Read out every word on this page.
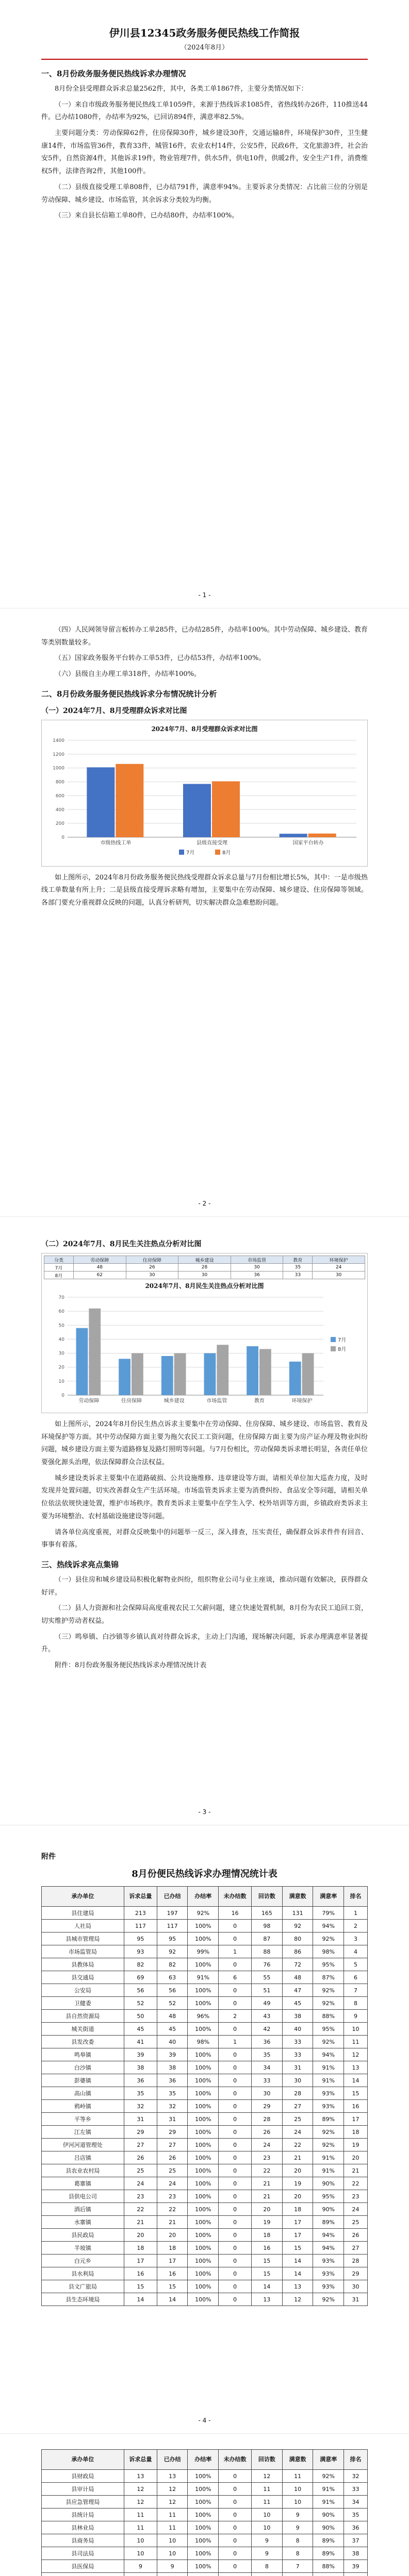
伊川县12345政务服务便民热线工作简报
（2024年8月）
一、8月份政务服务便民热线诉求办理情况

8月份全县受理群众诉求总量2562件，其中，各类工单1867件，主要分类情况如下：

（一）来自市级政务服务便民热线工单1059件，来源于热线诉求1085件，省热线转办26件，110推送44件。已办结1080件，办结率为92%，已回访894件，满意率82.5%。

主要问题分类：劳动保障62件，住房保障30件，城乡建设30件，交通运输8件，环境保护30件，卫生健康14件，市场监管36件，教育33件，城管16件，农业农村14件，公安5件，民政6件，文化旅游3件，社会治安5件，自然资源4件，其他诉求19件，物业管理7件，供水5件，供电10件，供暖2件，安全生产1件，消费维权5件，法律咨询2件，其他100件。

（二）县级直接受理工单808件，已办结791件，满意率94%。主要诉求分类情况：占比前三位的分别是劳动保障、城乡建设、市场监管，其余诉求分类较为均衡。

（三）来自县长信箱工单80件，已办结80件，办结率100%。

- 1 -

（四）人民网领导留言板转办工单285件，已办结285件，办结率100%。其中劳动保障、城乡建设、教育等类别数量较多。

（五）国家政务服务平台转办工单53件，已办结53件，办结率100%。

（六）县级自主办理工单318件，办结率100%。

二、8月份政务服务便民热线诉求分布情况统计分析
（一）2024年7月、8月受理群众诉求对比图
2024年7月、8月受理群众诉求对比图
0
200
400
600
800
1000
1200
1400
市级热线工单	县级直接受理	国家平台转办
7月	8月

如上图所示，2024年8月份政务服务便民热线受理群众诉求总量与7月份相比增长5%，其中：一是市级热线工单数量有所上升；二是县级直接受理诉求略有增加，主要集中在劳动保障、城乡建设、住房保障等领域。各部门要充分重视群众反映的问题，认真分析研判，切实解决群众急难愁盼问题。

- 2 -
（二）2024年7月、8月民生关注热点分析对比图
分类	劳动保障	住房保障	城乡建设	市场监管	教育	环境保护
7月	48	26	28	30	35	24
8月	62	30	30	36	33	30
2024年7月、8月民生关注热点分析对比图
0
10
20
30
40
50
60
70
劳动保障	住房保障	城乡建设	市场监管	教育	环境保护
7月
8月

如上图所示，2024年8月份民生热点诉求主要集中在劳动保障、住房保障、城乡建设、市场监管、教育及环境保护等方面。其中劳动保障方面主要为拖欠农民工工资问题，住房保障方面主要为房产证办理及物业纠纷问题，城乡建设方面主要为道路修复及路灯照明等问题。与7月份相比，劳动保障类诉求增长明显，各责任单位要强化源头治理，依法保障群众合法权益。

城乡建设类诉求主要集中在道路破损、公共设施维修、违章建设等方面，请相关单位加大巡查力度，及时发现并处置问题，切实改善群众生产生活环境。市场监管类诉求主要为消费纠纷、食品安全等问题，请相关单位依法依规快速处置，维护市场秩序。教育类诉求主要集中在学生入学、校外培训等方面，乡镇政府类诉求主要为环境整治、农村基础设施建设等问题。

请各单位高度重视，对群众反映集中的问题举一反三，深入排查，压实责任，确保群众诉求件件有回音、事事有着落。

三、热线诉求亮点集锦

（一）县住房和城乡建设局积极化解物业纠纷，组织物业公司与业主座谈，推动问题有效解决，获得群众好评。

（二）县人力资源和社会保障局高度重视农民工欠薪问题，建立快速处置机制，8月份为农民工追回工资，切实维护劳动者权益。

（三）鸣皋镇、白沙镇等乡镇认真对待群众诉求，主动上门沟通，现场解决问题，诉求办理满意率显著提升。

附件：8月份政务服务便民热线诉求办理情况统计表

- 3 -
附件
8月份便民热线诉求办理情况统计表
承办单位	诉求总量	已办结	办结率	未办结数	回访数	满意数	满意率	排名
县住建局	213	197	92%	16	165	131	79%	1
人社局	117	117	100%	0	98	92	94%	2
县城市管理局	95	95	100%	0	87	80	92%	3
市场监管局	93	92	99%	1	88	86	98%	4
县教体局	82	82	100%	0	76	72	95%	5
县交通局	69	63	91%	6	55	48	87%	6
公安局	56	56	100%	0	51	47	92%	7
卫健委	52	52	100%	0	49	45	92%	8
县自然资源局	50	48	96%	2	43	38	88%	9
城关街道	45	45	100%	0	42	40	95%	10
县发改委	41	40	98%	1	36	33	92%	11
鸣皋镇	39	39	100%	0	35	33	94%	12
白沙镇	38	38	100%	0	34	31	91%	13
彭婆镇	36	36	100%	0	33	30	91%	14
高山镇	35	35	100%	0	30	28	93%	15
鸦岭镇	32	32	100%	0	29	27	93%	16
平等乡	31	31	100%	0	28	25	89%	17
江左镇	29	29	100%	0	26	24	92%	18
伊河河道管理处	27	27	100%	0	24	22	92%	19
吕店镇	26	26	100%	0	23	21	91%	20
县农业农村局	25	25	100%	0	22	20	91%	21
葛寨镇	24	24	100%	0	21	19	90%	22
县供电公司	23	23	100%	0	21	20	95%	23
酒后镇	22	22	100%	0	20	18	90%	24
水寨镇	21	21	100%	0	19	17	89%	25
县民政局	20	20	100%	0	18	17	94%	26
半坡镇	18	18	100%	0	16	15	94%	27
白元乡	17	17	100%	0	15	14	93%	28
县水利局	16	16	100%	0	15	14	93%	29
县文广旅局	15	15	100%	0	14	13	93%	30
县生态环境局	14	14	100%	0	13	12	92%	31
- 4 -
承办单位	诉求总量	已办结	办结率	未办结数	回访数	满意数	满意率	排名
县财政局	13	13	100%	0	12	11	92%	32
县审计局	12	12	100%	0	11	10	91%	33
县应急管理局	12	12	100%	0	11	10	91%	34
县统计局	11	11	100%	0	10	9	90%	35
县林业局	11	11	100%	0	10	9	90%	36
县商务局	10	10	100%	0	9	8	89%	37
县司法局	10	10	100%	0	9	8	89%	38
县医保局	9	9	100%	0	8	7	88%	39
